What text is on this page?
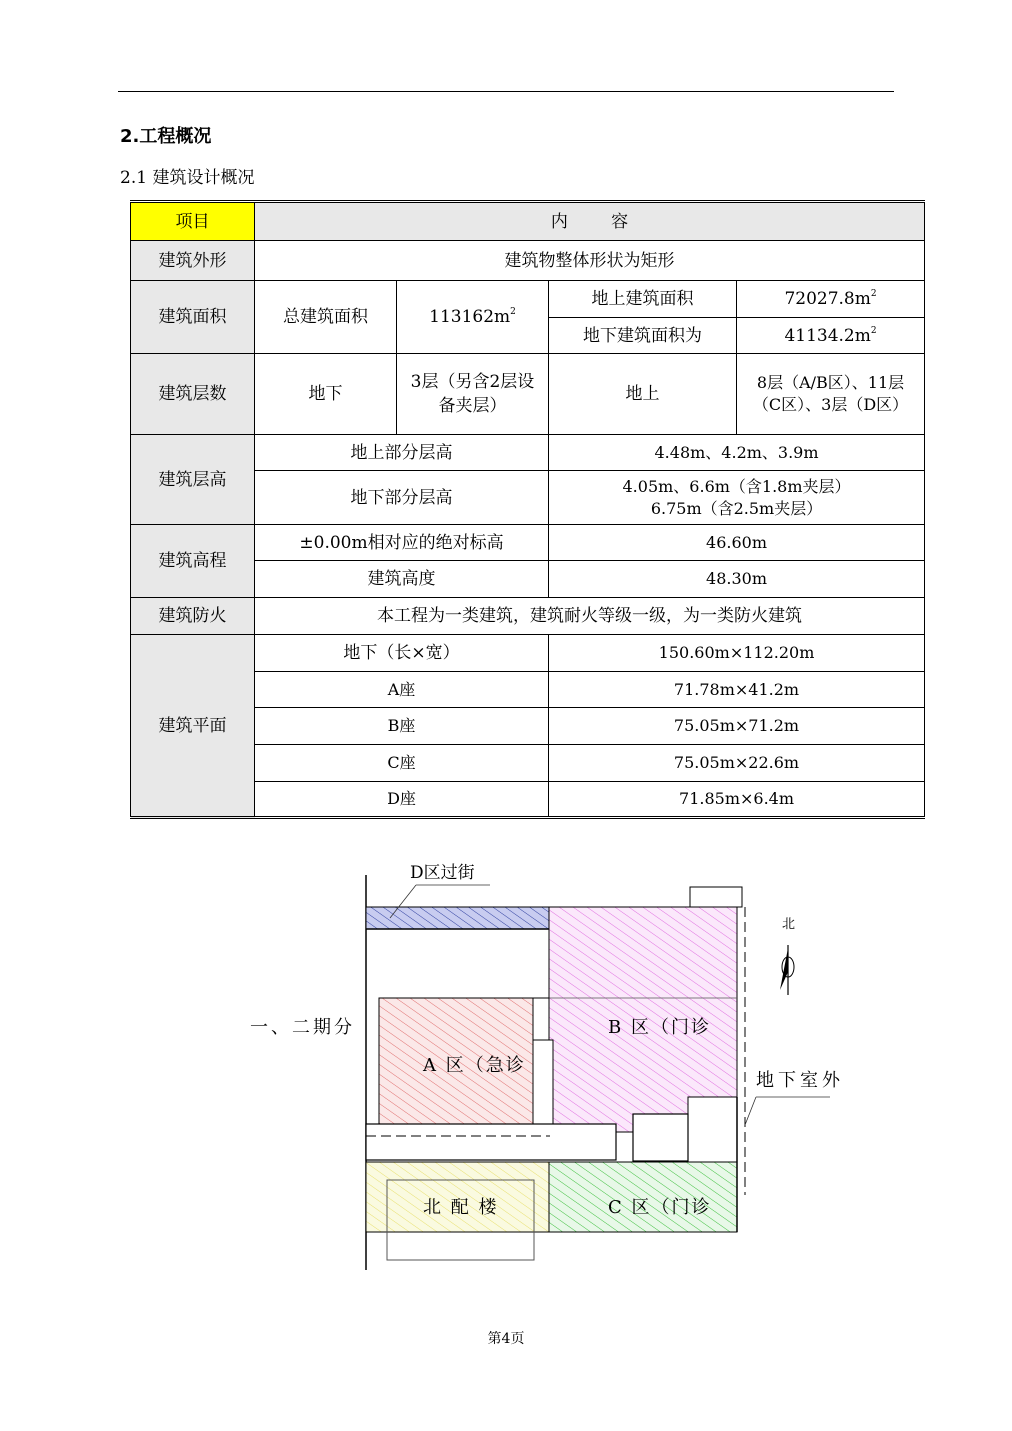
2.工程概况
2.1 建筑设计概况
项目	内        容			
建筑外形	建筑物整体形状为矩形			
建筑面积	总建筑面积	$113162m^2$	地上建筑面积	$72027.8m^2$
			地下建筑面积为	$41134.2m^2$
建筑层数	地下	3层（另含2层设备夹层）	地上	8层（A/B区）、11层（C区）、3层（D区）
建筑层高	地上部分层高		4.48m、4.2m、3.9m	
	地下部分层高		4.05m、6.6m（含1.8m夹层）
6.75m（含2.5m夹层）	

建筑高程	±0.00m相对应的绝对标高		46.60m	
	建筑高度		48.30m	
建筑防火	本工程为一类建筑，建筑耐火等级一级，为一类防火建筑			
建筑平面	地下（长×宽）		150.60m×112.20m	
	A座		71.78m×41.2m	
	B座		75.05m×71.2m	
	C座		75.05m×22.6m	
	D座		71.85m×6.4m	
D区过街
北
一、二期分
A 区（急诊
B 区（门诊
C 区（门诊
北 配 楼
地下室外
第4页
